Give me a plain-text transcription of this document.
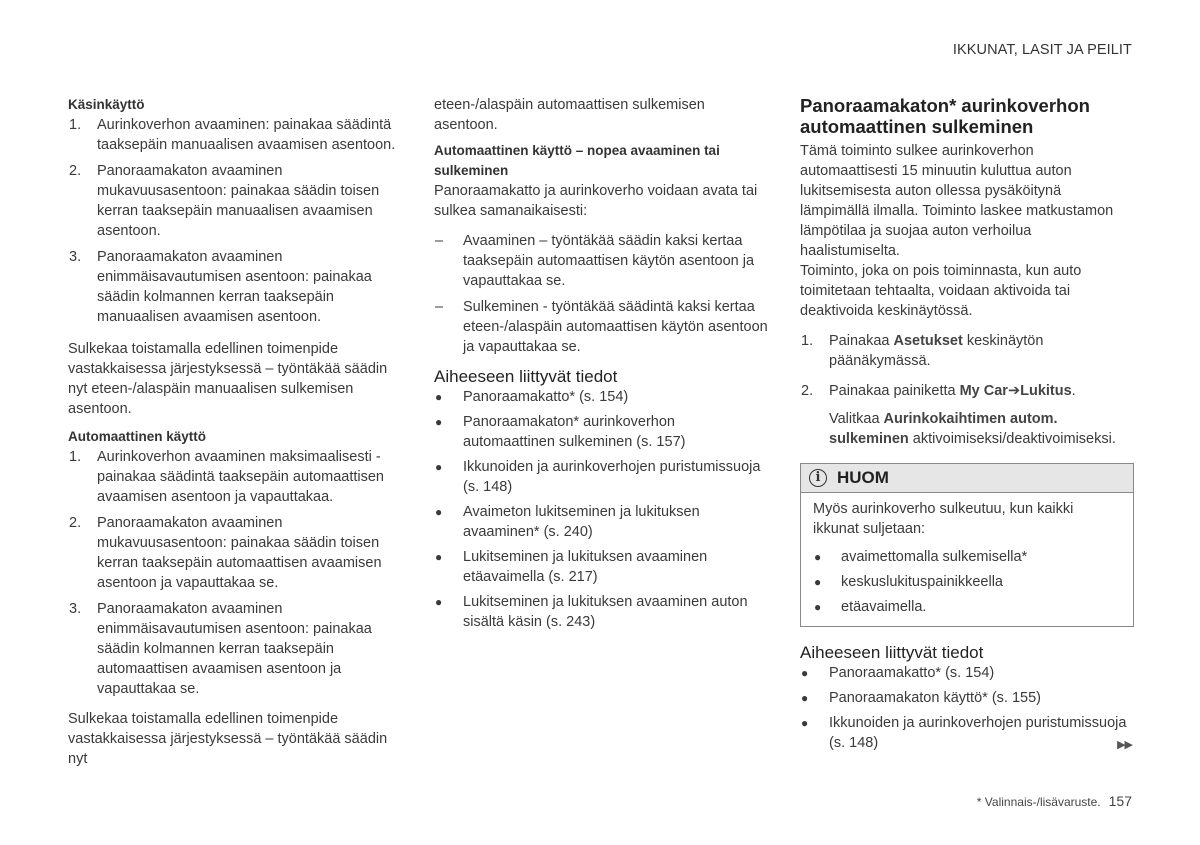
IKKUNAT, LASIT JA PEILIT

Käsinkäyttö

1. Aurinkoverhon avaaminen: painakaa säädintä taaksepäin manuaalisen avaamisen asentoon.
2. Panoraamakaton avaaminen mukavuusasentoon: painakaa säädin toisen kerran taaksepäin manuaalisen avaamisen asentoon.
3. Panoraamakaton avaaminen enimmäisavautumisen asentoon: painakaa säädin kolmannen kerran taaksepäin manuaalisen avaamisen asentoon.

Sulkekaa toistamalla edellinen toimenpide vastakkaisessa järjestyksessä – työntäkää säädin nyt eteen-/alaspäin manuaalisen sulkemisen asentoon.

Automaattinen käyttö

1. Aurinkoverhon avaaminen maksimaalisesti - painakaa säädintä taaksepäin automaattisen avaamisen asentoon ja vapauttakaa.
2. Panoraamakaton avaaminen mukavuusasentoon: painakaa säädin toisen kerran taaksepäin automaattisen avaamisen asentoon ja vapauttakaa se.
3. Panoraamakaton avaaminen enimmäisavautumisen asentoon: painakaa säädin kolmannen kerran taaksepäin automaattisen avaamisen asentoon ja vapauttakaa se.

Sulkekaa toistamalla edellinen toimenpide vastakkaisessa järjestyksessä – työntäkää säädin nyt

eteen-/alaspäin automaattisen sulkemisen asentoon.

Automaattinen käyttö – nopea avaaminen tai sulkeminen

Panoraamakatto ja aurinkoverho voidaan avata tai sulkea samanaikaisesti:

– Avaaminen – työntäkää säädin kaksi kertaa taaksepäin automaattisen käytön asentoon ja vapauttakaa se.
– Sulkeminen - työntäkää säädintä kaksi kertaa eteen-/alaspäin automaattisen käytön asentoon ja vapauttakaa se.
Aiheeseen liittyvät tiedot
● Panoraamakatto* (s. 154)
● Panoraamakaton* aurinkoverhon automaattinen sulkeminen (s. 157)
● Ikkunoiden ja aurinkoverhojen puristumissuoja (s. 148)
● Avaimeton lukitseminen ja lukituksen avaaminen* (s. 240)
● Lukitseminen ja lukituksen avaaminen etäavaimella (s. 217)
● Lukitseminen ja lukituksen avaaminen auton sisältä käsin (s. 243)
Panoraamakaton* aurinkoverhon automaattinen sulkeminen

Tämä toiminto sulkee aurinkoverhon automaattisesti 15 minuutin kuluttua auton lukitsemisesta auton ollessa pysäköitynä lämpimällä ilmalla. Toiminto laskee matkustamon lämpötilaa ja suojaa auton verhoilua haalistumiselta.

Toiminto, joka on pois toiminnasta, kun auto toimitetaan tehtaalta, voidaan aktivoida tai deaktivoida keskinäytössä.

1. Painakaa Asetukset keskinäytön päänäkymässä.
2. Painakaa painiketta My Car➔Lukitus.
Valitkaa Aurinkokaihtimen autom. sulkeminen aktivoimiseksi/deaktivoimiseksi.
i HUOM

Myös aurinkoverho sulkeutuu, kun kaikki ikkunat suljetaan:

● avaimettomalla sulkemisella*
● keskuslukituspainikkeella
● etäavaimella.
Aiheeseen liittyvät tiedot
● Panoraamakatto* (s. 154)
● Panoraamakaton käyttö* (s. 155)
● Ikkunoiden ja aurinkoverhojen puristumissuoja (s. 148)	▶▶
* Valinnais-/lisävaruste. 157
